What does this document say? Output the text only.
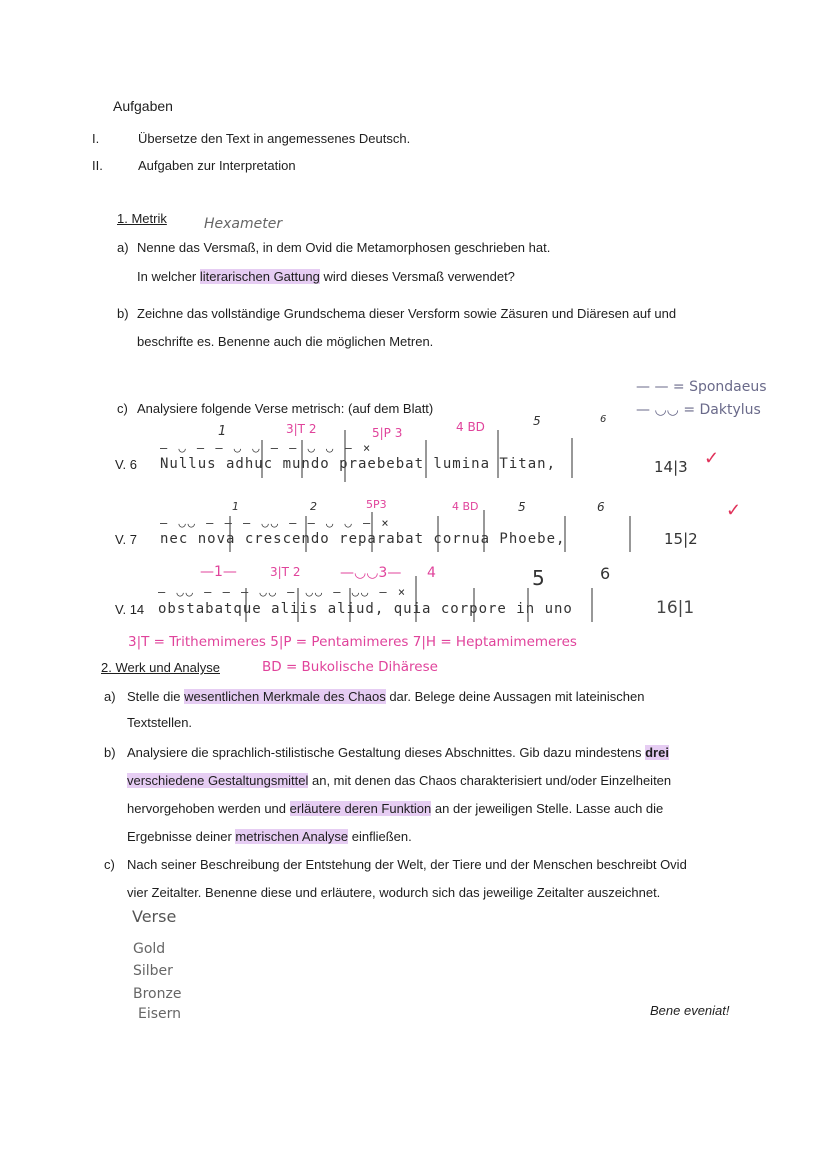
Aufgaben
I.	Übersetze den Text in angemessenes Deutsch.
II.	Aufgaben zur Interpretation
1. Metrik	Hexameter
a) Nenne das Versmaß, in dem Ovid die Metamorphosen geschrieben hat.
In welcher literarischen Gattung wird dieses Versmaß verwendet?
b) Zeichne das vollständige Grundschema dieser Versform sowie Zäsuren und Diäresen auf und
beschrifte es. Benenne auch die möglichen Metren.
— — = Spondaeus
— ◡◡ = Daktylus
c) Analysiere folgende Verse metrisch: (auf dem Blatt)
1	3|T 2	5|P 3	4 BD	5	6
— ◡ — — ◡ ◡ — — ◡ ◡ — ×
V. 6 Nullus adhuc mundo praebebat lumina Titan,	14|3 ✓
1	2	5P3	4 BD	5	6
— ◡◡ — — — ◡◡ — — ◡ ◡ — ×
V. 7 nec nova crescendo reparabat cornua Phoebe,	15|2
✓
—1—	3|T 2	—◡◡3— 4	5	6
— ◡◡ — — — ◡◡ — ◡◡ — ◡◡ — ×
V. 14 obstabatque aliis aliud, quia corpore in uno	16|1
3|T = Trithemimeres 5|P = Pentamimeres 7|H = Heptamimemeres
BD = Bukolische Dihärese
2. Werk und Analyse
a) Stelle die wesentlichen Merkmale des Chaos dar. Belege deine Aussagen mit lateinischen
Textstellen.
b) Analysiere die sprachlich-stilistische Gestaltung dieses Abschnittes. Gib dazu mindestens drei
verschiedene Gestaltungsmittel an, mit denen das Chaos charakterisiert und/oder Einzelheiten
hervorgehoben werden und erläutere deren Funktion an der jeweiligen Stelle. Lasse auch die
Ergebnisse deiner metrischen Analyse einfließen.
c) Nach seiner Beschreibung der Entstehung der Welt, der Tiere und der Menschen beschreibt Ovid
vier Zeitalter. Benenne diese und erläutere, wodurch sich das jeweilige Zeitalter auszeichnet.
Verse
Gold
Silber
Bronze
Eisern	Bene eveniat!
